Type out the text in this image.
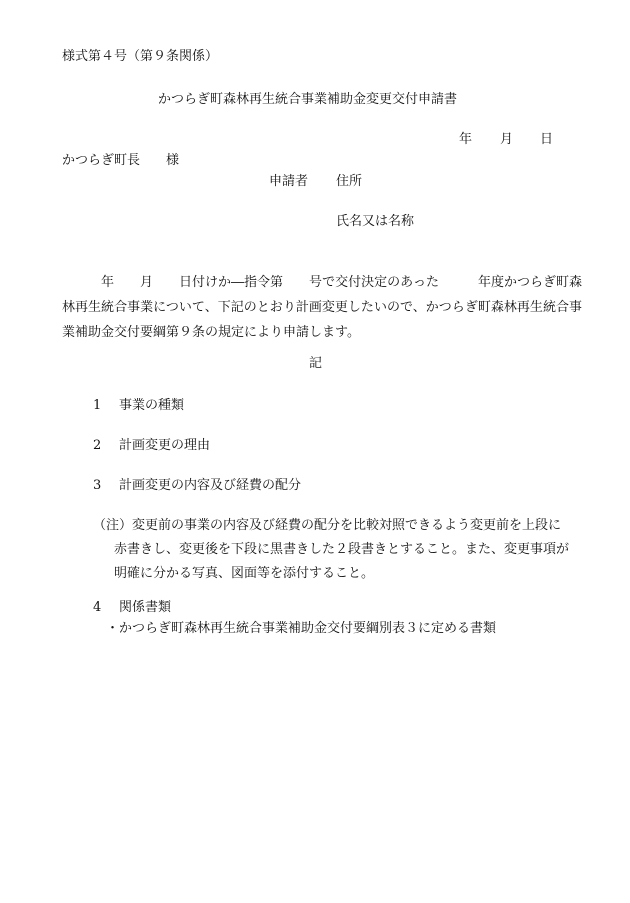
様式第４号（第９条関係）
かつらぎ町森林再生統合事業補助金変更交付申請書
年 月 日
かつらぎ町長　　様
申請者 住所
氏名又は名称
　　　年　　月　　日付けか―指令第　　号で交付決定のあった　　　年度かつらぎ町森林再生統合事業について、下記のとおり計画変更したいので、かつらぎ町森林再生統合事業補助金交付要綱第９条の規定により申請します。
記
1 事業の種類
2 計画変更の理由
3 計画変更の内容及び経費の配分
（注）変更前の事業の内容及び経費の配分を比較対照できるよう変更前を上段に赤書きし、変更後を下段に黒書きした２段書きとすること。また、変更事項が明確に分かる写真、図面等を添付すること。
4 関係書類
・かつらぎ町森林再生統合事業補助金交付要綱別表３に定める書類
